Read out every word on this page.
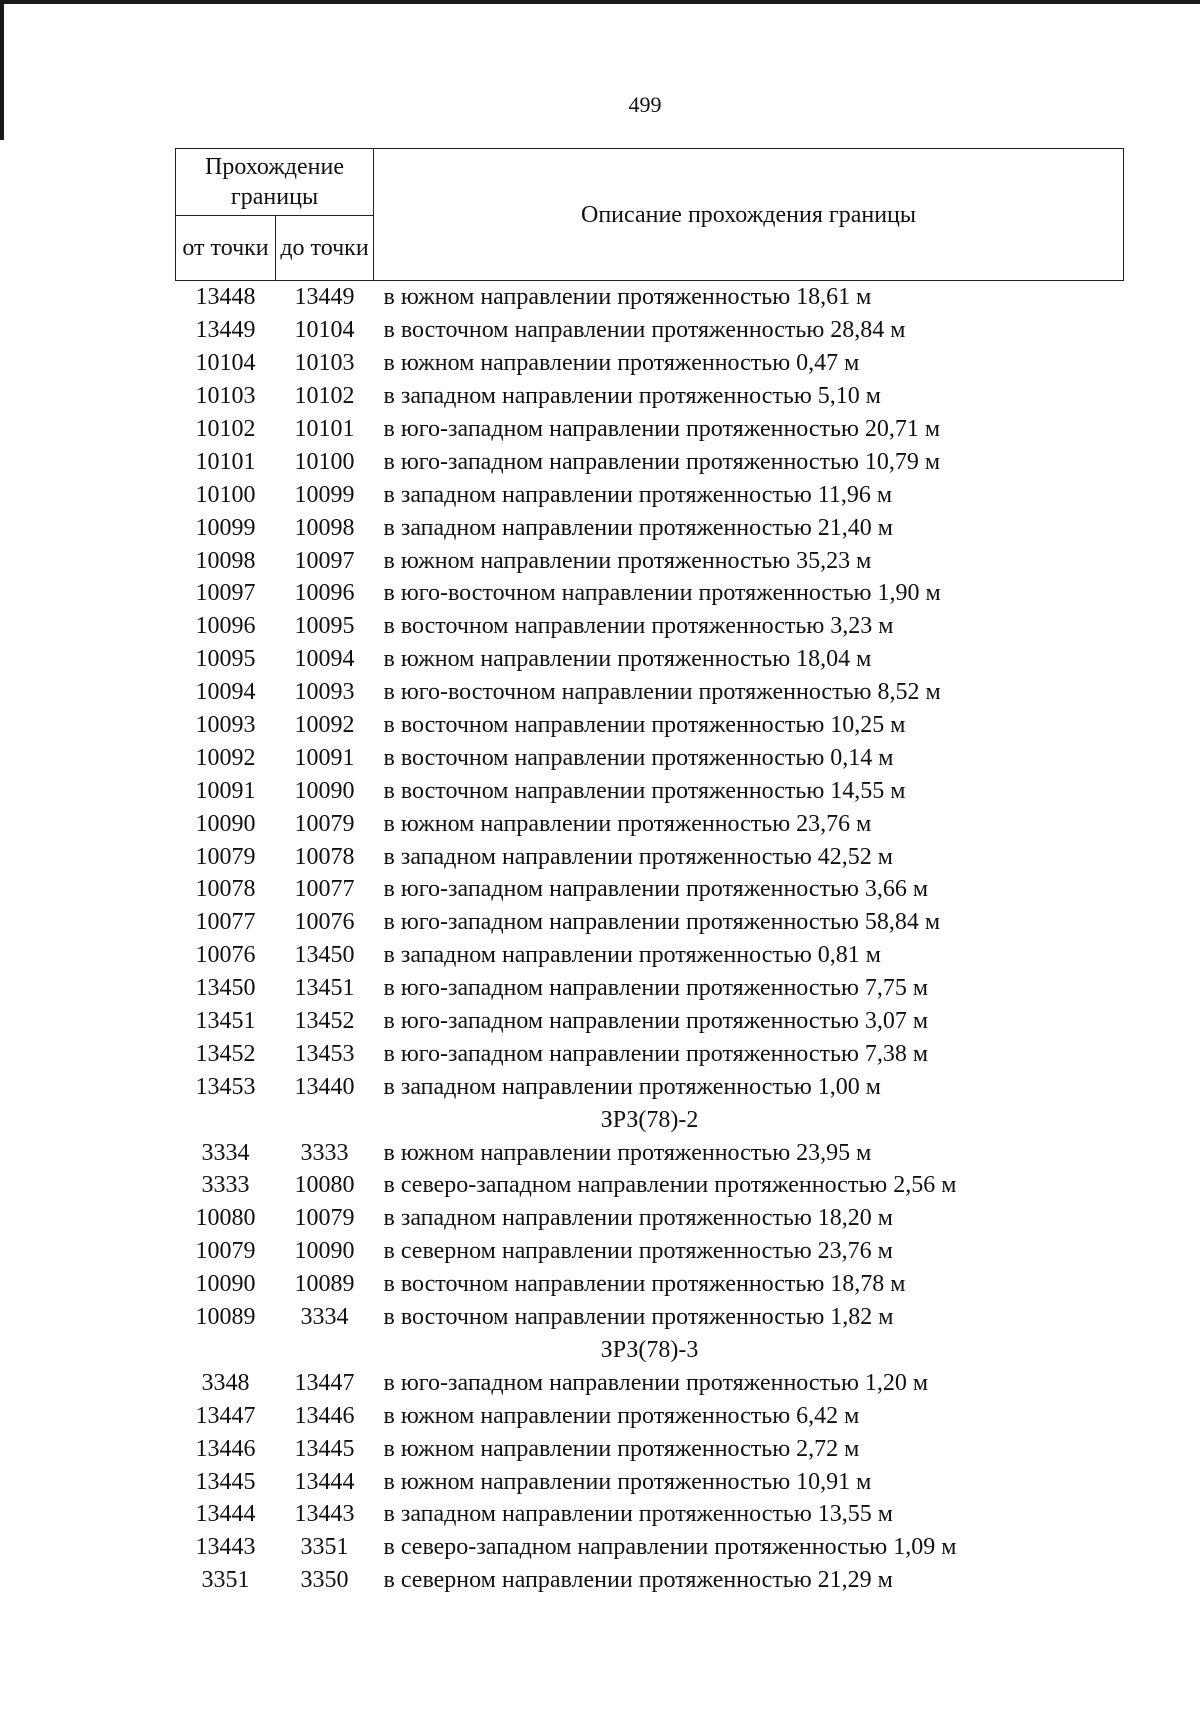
499
Прохождение границы		Описание прохождения границы
от точки	до точки	
13448	13449	в южном направлении протяженностью 18,61 м
13449	10104	в восточном направлении протяженностью 28,84 м
10104	10103	в южном направлении протяженностью 0,47 м
10103	10102	в западном направлении протяженностью 5,10 м
10102	10101	в юго-западном направлении протяженностью 20,71 м
10101	10100	в юго-западном направлении протяженностью 10,79 м
10100	10099	в западном направлении протяженностью 11,96 м
10099	10098	в западном направлении протяженностью 21,40 м
10098	10097	в южном направлении протяженностью 35,23 м
10097	10096	в юго-восточном направлении протяженностью 1,90 м
10096	10095	в восточном направлении протяженностью 3,23 м
10095	10094	в южном направлении протяженностью 18,04 м
10094	10093	в юго-восточном направлении протяженностью 8,52 м
10093	10092	в восточном направлении протяженностью 10,25 м
10092	10091	в восточном направлении протяженностью 0,14 м
10091	10090	в восточном направлении протяженностью 14,55 м
10090	10079	в южном направлении протяженностью 23,76 м
10079	10078	в западном направлении протяженностью 42,52 м
10078	10077	в юго-западном направлении протяженностью 3,66 м
10077	10076	в юго-западном направлении протяженностью 58,84 м
10076	13450	в западном направлении протяженностью 0,81 м
13450	13451	в юго-западном направлении протяженностью 7,75 м
13451	13452	в юго-западном направлении протяженностью 3,07 м
13452	13453	в юго-западном направлении протяженностью 7,38 м
13453	13440	в западном направлении протяженностью 1,00 м
ЗРЗ(78)-2		
3334	3333	в южном направлении протяженностью 23,95 м
3333	10080	в северо-западном направлении протяженностью 2,56 м
10080	10079	в западном направлении протяженностью 18,20 м
10079	10090	в северном направлении протяженностью 23,76 м
10090	10089	в восточном направлении протяженностью 18,78 м
10089	3334	в восточном направлении протяженностью 1,82 м
ЗРЗ(78)-3		
3348	13447	в юго-западном направлении протяженностью 1,20 м
13447	13446	в южном направлении протяженностью 6,42 м
13446	13445	в южном направлении протяженностью 2,72 м
13445	13444	в южном направлении протяженностью 10,91 м
13444	13443	в западном направлении протяженностью 13,55 м
13443	3351	в северо-западном направлении протяженностью 1,09 м
3351	3350	в северном направлении протяженностью 21,29 м
